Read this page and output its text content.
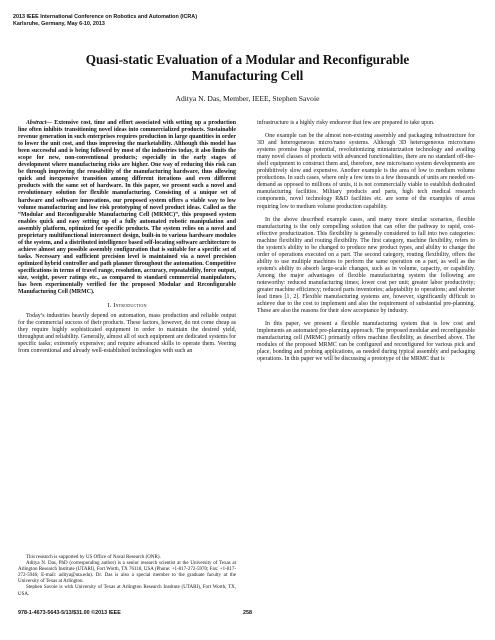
2013 IEEE International Conference on Robotics and Automation (ICRA)
Karlsruhe, Germany, May 6-10, 2013
Quasi-static Evaluation of a Modular and Reconfigurable Manufacturing Cell
Aditya N. Das, Member, IEEE, Stephen Savoie

Abstract— Extensive cost, time and effort associated with setting up a production line often inhibits transitioning novel ideas into commercialized products. Sustainable revenue generation in such enterprises requires production in large quantities in order to lower the unit cost, and thus improving the marketability. Although this model has been successful and is being followed by most of the industries today, it also limits the scope for new, non-conventional products; especially in the early stages of development where manufacturing risks are higher. One way of reducing this risk can be through improving the reusability of the manufacturing hardware, thus allowing quick and inexpensive transition among different iterations and even different products with the same set of hardware. In this paper, we present such a novel and revolutionary solution for flexible manufacturing. Consisting of a unique set of hardware and software innovations, our proposed system offers a viable way to low volume manufacturing and low risk prototyping of novel product ideas. Called as the “Modular and Reconfigurable Manufacturing Cell (MRMC)”, this proposed system enables quick and easy setting up of a fully automated robotic manipulation and assembly platform, optimized for specific products. The system relies on a novel and proprietary multifunctional interconnect design, built-in to various hardware modules of the system, and a distributed intelligence based self-locating software architecture to achieve almost any possible assembly configuration that is suitable for a specific set of tasks. Necessary and sufficient precision level is maintained via a novel precision optimized hybrid controller and path planner throughout the automation. Competitive specifications in terms of travel range, resolution, accuracy, repeatability, force output, size, weight, power ratings etc., as compared to standard commercial manipulators, has been experimentally verified for the proposed Modular and Reconfigurable Manufacturing Cell (MRMC).

I. Introduction

Today’s industries heavily depend on automation, mass production and reliable output for the commercial success of their products. These factors, however, do not come cheap as they require highly sophisticated equipment in order to maintain the desired yield, throughput and reliability. Generally, almost all of such equipment are dedicated systems for specific tasks; extremely expensive; and require advanced skills to operate them. Veering from conventional and already well-established technologies with such an

This research is supported by US Office of Naval Research (ONR).

Aditya N. Das, PhD (corresponding author) is a senior research scientist at the University of Texas at Arlington Research Institute (UTARI), Fort Worth, TX 76118, USA (Phone: +1-817-272-5970; Fax: +1-817-272-5946; E-mail: aditya@uta.edu). Dr. Das is also a special member to the graduate faculty at the University of Texas at Arlington.

Stephen Savoie is with University of Texas at Arlington Research Institute (UTARI), Fort Worth, TX, USA.

infrastructure is a highly risky endeavor that few are prepared to take upon.

One example can be the almost non-existing assembly and packaging infrastructure for 3D and heterogeneous micro/nano systems. Although 3D heterogeneous micro/nano systems promise huge potential, revolutionizing miniaturization technology and availing many novel classes of products with advanced functionalities, there are no standard off-the-shelf equipment to construct them and, therefore, new micro/nano system developments are prohibitively slow and expensive. Another example is the area of low to medium volume productions. In such cases, where only a few tens to a few thousands of units are needed on-demand as opposed to millions of units, it is not commercially viable to establish dedicated manufacturing facilities. Military products and parts, high tech medical research components, novel technology R&D facilities etc. are some of the examples of areas requiring low to medium volume production capability.

In the above described example cases, and many more similar scenarios, flexible manufacturing is the only compelling solution that can offer the pathway to rapid, cost-effective productization. This flexibility is generally considered to fall into two categories: machine flexibility and routing flexibility. The first category, machine flexibility, refers to the system's ability to be changed to produce new product types, and ability to change the order of operations executed on a part. The second category, routing flexibility, offers the ability to use multiple machines to perform the same operation on a part, as well as the system's ability to absorb large-scale changes, such as in volume, capacity, or capability. Among the major advantages of flexible manufacturing system the following are noteworthy: reduced manufacturing times; lower cost per unit; greater labor productivity; greater machine efficiency; reduced parts inventories; adaptability to operations; and shorter lead times [1, 2]. Flexible manufacturing systems are, however, significantly difficult to achieve due to the cost to implement and also the requirement of substantial pre-planning. These are also the reasons for their slow acceptance by industry.

In this paper, we present a flexible manufacturing system that is low cost and implements an automated pre-planning approach. The proposed modular and reconfigurable manufacturing cell (MRMC) primarily offers machine flexibility, as described above. The modules of the proposed MRMC can be configured and reconfigured for various pick and place, bonding and probing applications, as needed during typical assembly and packaging operations. In this paper we will be discussing a prototype of the MRMC that is

978-1-4673-5643-5/13/$31.00 ©2013 IEEE	258
